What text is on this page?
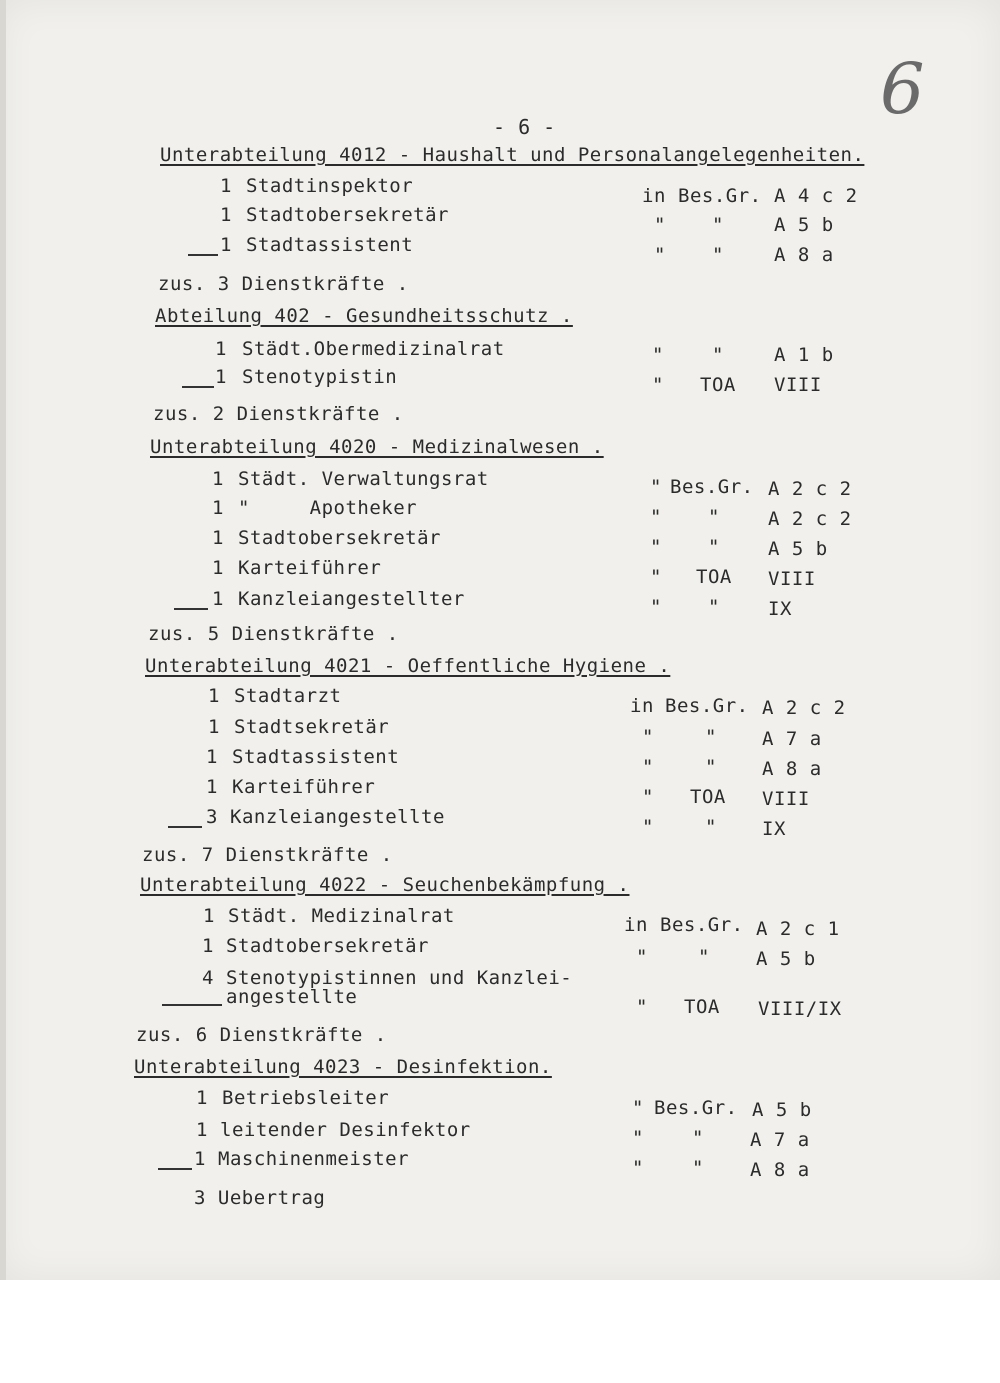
6
- 6 -
Unterabteilung 4012 - Haushalt und Personalangelegenheiten.
1 Stadtinspektor	in Bes.Gr. A 4 c 2
1 Stadtobersekretär	" "	A 5 b
1 Stadtassistent	" "	A 8 a
zus. 3 Dienstkräfte .
Abteilung 402 - Gesundheitsschutz .
1 Städt.Obermedizinalrat	"	"	A 1 b
1 Stenotypistin	" TOA VIII
zus. 2 Dienstkräfte .
Unterabteilung 4020 - Medizinalwesen .
1 Städt. Verwaltungsrat	" Bes.Gr. A 2 c 2
1 "     Apotheker	" "	A 2 c 2
1 Stadtobersekretär	" "	A 5 b
1 Karteiführer	" TOA VIII
1 Kanzleiangestellter	" "	IX
zus. 5 Dienstkräfte .
Unterabteilung 4021 - Oeffentliche Hygiene .
1 Stadtarzt	in Bes.Gr. A 2 c 2
1 Stadtsekretär	"	" A 7 a
1 Stadtassistent	"	" A 8 a
1 Karteiführer	" TOA VIII
3 Kanzleiangestellte	"	" IX
zus. 7 Dienstkräfte .
Unterabteilung 4022 - Seuchenbekämpfung .
1 Städt. Medizinalrat	in Bes.Gr. A 2 c 1
1 Stadtobersekretär	"	" A 5 b
4 Stenotypistinnen und Kanzlei-
angestellte	" TOA VIII/IX
zus. 6 Dienstkräfte .
Unterabteilung 4023 - Desinfektion.
1 Betriebsleiter	" Bes.Gr. A 5 b
1 leitender Desinfektor	"	" A 7 a
1 Maschinenmeister	"	" A 8 a
3 Uebertrag
